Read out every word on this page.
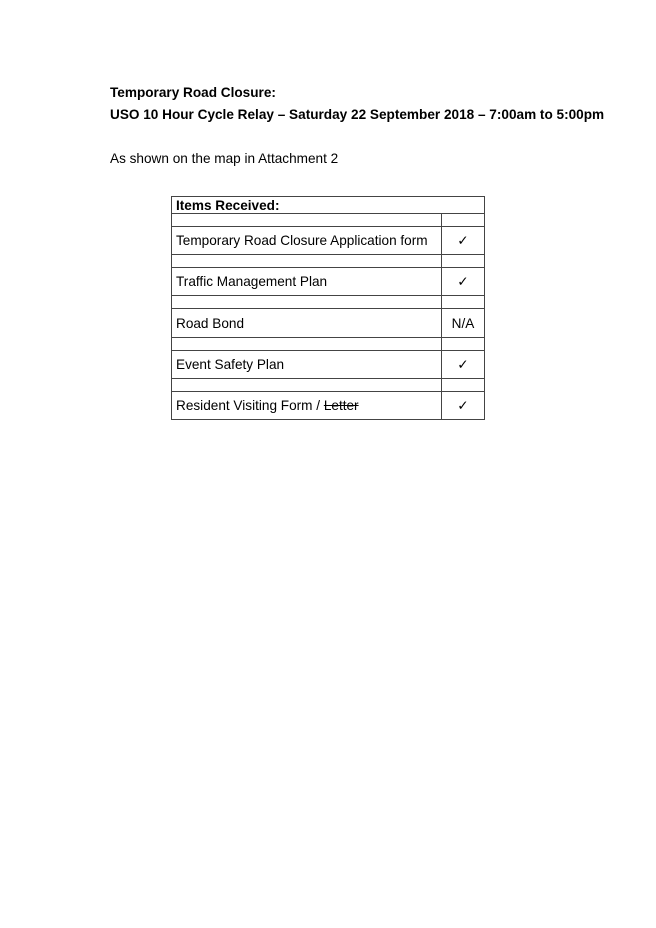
Temporary Road Closure:

USO 10 Hour Cycle Relay – Saturday 22 September 2018 – 7:00am to 5:00pm

As shown on the map in Attachment 2

Items Received:	

Temporary Road Closure Application form	✓

Traffic Management Plan	✓

Road Bond	N/A

Event Safety Plan	✓

Resident Visiting Form / Letter	✓
